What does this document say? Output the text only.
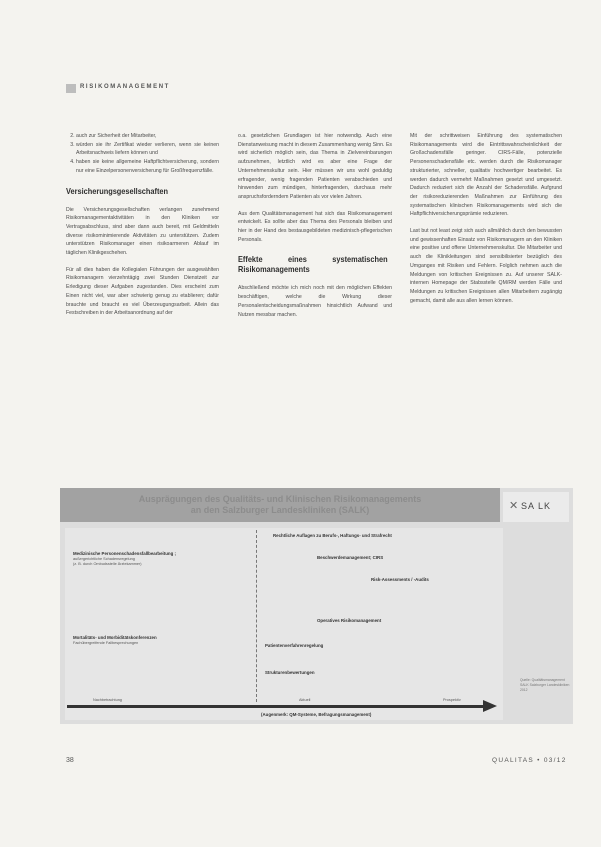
RISIKOMANAGEMENT
2. auch zur Sicherheit der Mitarbeiter,
3. würden sie ihr Zertifikat wieder verlieren, wenn sie keinen Arbeitsnachweis liefern können und
4. haben sie keine allgemeine Haftpflichtversicherung, sondern nur eine Einzelpersonenversicherung für Großfrequenzfälle.
Versicherungsgesellschaften

Die Versicherungsgesellschaften verlangen zunehmend Risikomanagementaktivitäten in den Kliniken vor Vertragsabschluss, sind aber dann auch bereit, mit Geldmitteln diverse risikominimierende Aktivitäten zu unterstützen. Zudem unterstützen Risikomanager einen risikoarmeren Ablauf im täglichen Klinikgeschehen.

Für all dies haben die Kollegialen Führungen der ausgewählten Risikomanagern vierzehntägig zwei Stunden Dienstzeit zur Erledigung dieser Aufgaben zugestanden. Dies erscheint zum Einen nicht viel, war aber schwierig genug zu etablieren; dafür brauchte und braucht es viel Überzeugungsarbeit. Allein das Festschreiben in der Arbeitsanordnung auf der

o.a. gesetzlichen Grundlagen ist hier notwendig. Auch eine Dienstanweisung macht in diesem Zusammenhang wenig Sinn. Es wird sicherlich möglich sein, das Thema in Zielvereinbarungen aufzunehmen, letztlich wird es aber eine Frage der Unternehmenskultur sein. Hier müssen wir uns wohl geduldig erfragender, wenig fragenden Patienten verabschieden und hinwenden zum mündigen, hinterfragenden, durchaus mehr anspruchsforderndem Patienten als vor vielen Jahren.

Aus dem Qualitätsmanagement hat sich das Risikomanagement entwickelt. Es sollte aber das Thema des Personals bleiben und hier in der Hand des bestausgebildeten medizinisch-pflegerischen Personals.

Effekte eines systematischen Risikomanagements

Abschließend möchte ich mich noch mit den möglichen Effekten beschäftigen, welche die Wirkung dieser Personalentscheidungsmaßnahmen hinsichtlich Aufwand und Nutzen messbar machen.

Mit der schrittweisen Einführung des systematischen Risikomanagements wird die Eintrittswahrscheinlichkeit der Großschadensfälle geringer. CIRS-Fälle, potenzielle Personenschadensfälle etc. werden durch die Risikomanager strukturierter, schneller, qualitativ hochwertiger bearbeitet. Es werden dadurch vermehrt Maßnahmen gesetzt und umgesetzt. Dadurch reduziert sich die Anzahl der Schadensfälle. Aufgrund der risikoreduzierenden Maßnahmen zur Einführung des systematischen klinischen Risikomanagements wird sich die Haftpflichtversicherungsprämie reduzieren.

Last but not least zeigt sich auch allmählich durch den bewussten und gewissenhaften Einsatz von Risikomanagern an den Kliniken eine positive und offene Unternehmenskultur. Die Mitarbeiter und auch die Klinikleitungen sind sensibilisierter bezüglich des Umganges mit Risiken und Fehlern. Folglich nehmen auch die Meldungen von kritischen Ereignissen zu. Auf unserer SALK-internen Homepage der Stabsstelle QM/RM werden Fälle und Meldungen zu kritischen Ereignissen allen Mitarbeitern zugängig gemacht, damit alle aus allen lernen können.

Ausprägungen des Qualitäts- und Klinischen Risikomanagements
an den Salzburger Landeskliniken (SALK)	✕ SA LK
Rechtliche Auflagen zu Berufs-, Haftungs- und Strafrecht
Medizinische Personenschadensfallbearbeitung ;
außergerichtliche Schadensregelung
(z. B. durch Ombudsstelle Ärztekammer)
Beschwerdemanagement; CIRS
Risk-Assessments / -Audits
Operatives Risikomanagement
Mortalitäts- und Morbiditätskonferenzen
Fachübergreifende Fallbesprechungen	Patientenverfahrenregelung
Strukturenbewertungen
Nachbetrachtung	Aktuell	Prospektiv
(Augenmerk: QM-Systeme, Befragungsmanagement)
Quelle: Qualitätsmanagement SALK Salzburger Landeskliniken 2012
38	QUALITAS • 03/12
